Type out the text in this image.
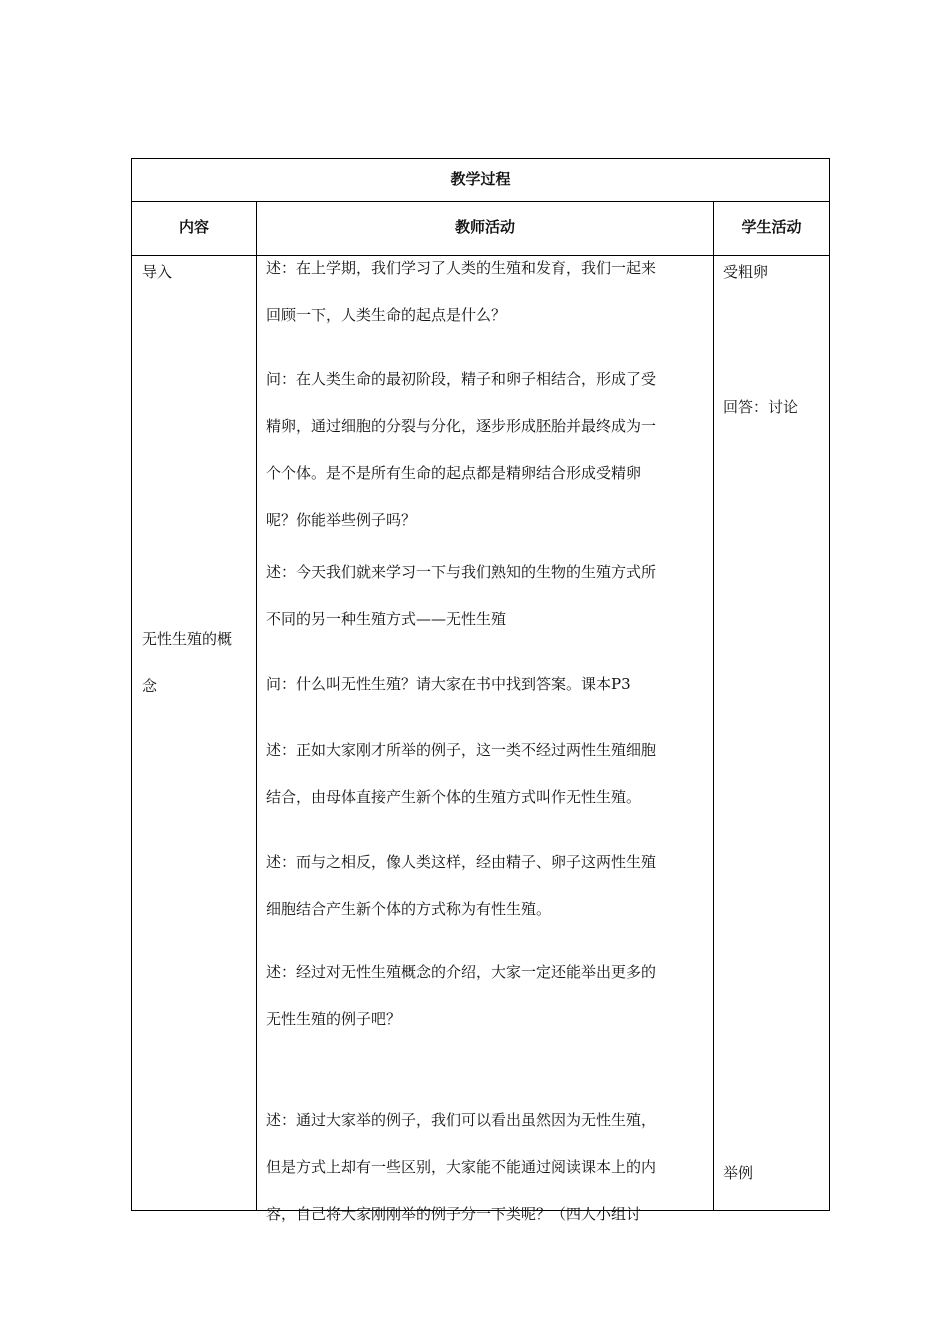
教学过程
内容	教师活动	学生活动
导入
无性生殖的概
念

述：在上学期，我们学习了人类的生殖和发育，我们一起来

回顾一下，人类生命的起点是什么？

问：在人类生命的最初阶段，精子和卵子相结合，形成了受

精卵，通过细胞的分裂与分化，逐步形成胚胎并最终成为一

个个体。是不是所有生命的起点都是精卵结合形成受精卵

呢？你能举些例子吗？

述：今天我们就来学习一下与我们熟知的生物的生殖方式所

不同的另一种生殖方式——无性生殖

问：什么叫无性生殖？请大家在书中找到答案。课本P3

述：正如大家刚才所举的例子，这一类不经过两性生殖细胞

结合，由母体直接产生新个体的生殖方式叫作无性生殖。

述：而与之相反，像人类这样，经由精子、卵子这两性生殖

细胞结合产生新个体的方式称为有性生殖。

述：经过对无性生殖概念的介绍，大家一定还能举出更多的

无性生殖的例子吧？

述：通过大家举的例子，我们可以看出虽然因为无性生殖，

但是方式上却有一些区别，大家能不能通过阅读课本上的内

容，自己将大家刚刚举的例子分一下类呢？（四人小组讨

受粗卵
回答：讨论
举例
